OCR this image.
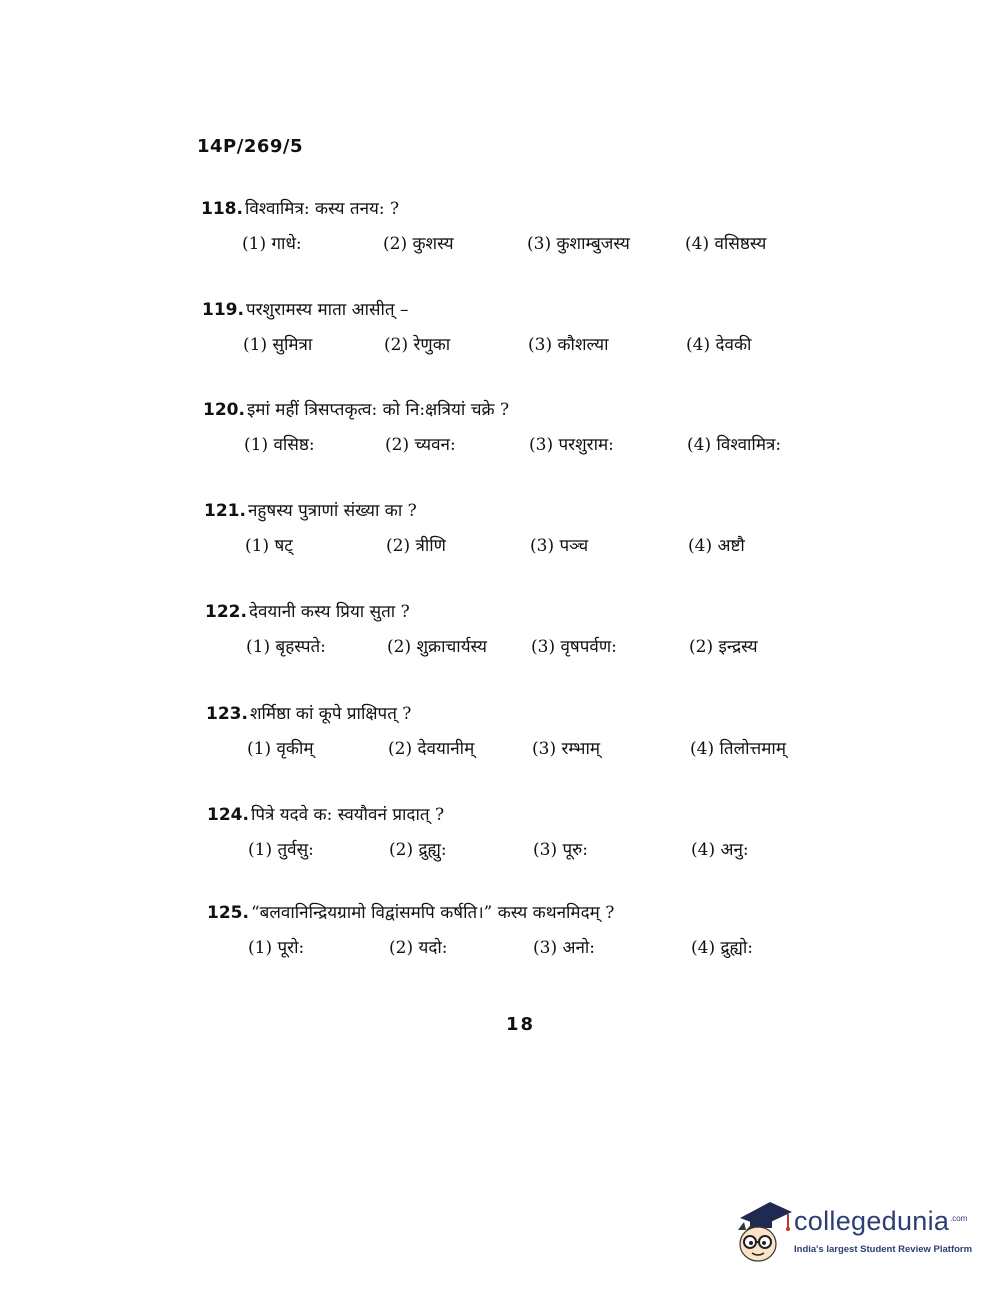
14P/269/5
118. विश्वामित्र: कस्य तनय: ?
(1) गाधे:	(2) कुशस्य	(3) कुशाम्बुजस्य	(4) वसिष्ठस्य
119. परशुरामस्य माता आसीत् –
(1) सुमित्रा	(2) रेणुका	(3) कौशल्या	(4) देवकी
120. इमां महीं त्रिसप्तकृत्व: को नि:क्षत्रियां चक्रे ?
(1) वसिष्ठ:	(2) च्यवन:	(3) परशुराम:	(4) विश्वामित्र:
121. नहुषस्य पुत्राणां संख्या का ?
(1) षट्	(2) त्रीणि	(3) पञ्च	(4) अष्टौ
122. देवयानी कस्य प्रिया सुता ?
(1) बृहस्पते:	(2) शुक्राचार्यस्य	(3) वृषपर्वण:	(2) इन्द्रस्य
123. शर्मिष्ठा कां कूपे प्राक्षिपत् ?
(1) वृकीम्	(2) देवयानीम्	(3) रम्भाम्	(4) तिलोत्तमाम्
124. पित्रे यदवे क: स्वयौवनं प्रादात् ?
(1) तुर्वसु:	(2) द्रुह्यु:	(3) पूरु:	(4) अनु:
125. “बलवानिन्द्रियग्रामो विद्वांसमपि कर्षति।” कस्य कथनमिदम् ?
(1) पूरो:	(2) यदो:	(3) अनो:	(4) द्रुह्यो:
18
collegedunia .com
India's largest Student Review Platform
